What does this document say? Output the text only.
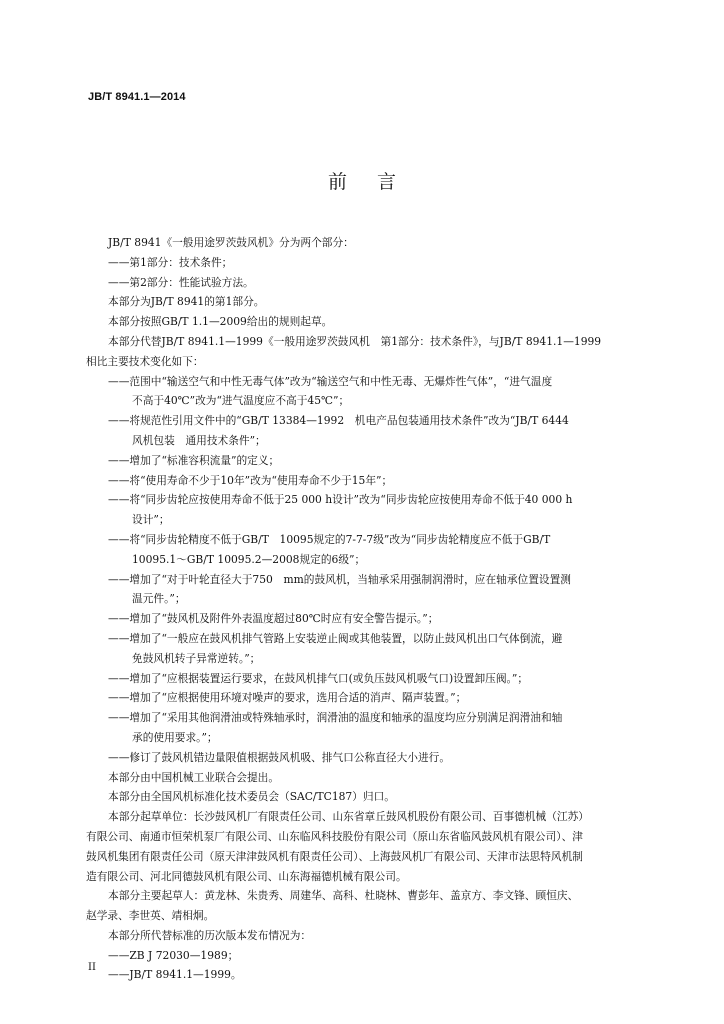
JB/T 8941.1—2014
前言

JB/T 8941《一般用途罗茨鼓风机》分为两个部分：

——第1部分：技术条件；

——第2部分：性能试验方法。

本部分为JB/T 8941的第1部分。

本部分按照GB/T 1.1—2009给出的规则起草。

本部分代替JB/T 8941.1—1999《一般用途罗茨鼓风机　第1部分：技术条件》，与JB/T 8941.1—1999

相比主要技术变化如下：

——范围中“输送空气和中性无毒气体”改为“输送空气和中性无毒、无爆炸性气体”，“进气温度

不高于40℃”改为“进气温度应不高于45℃”；

——将规范性引用文件中的“GB/T 13384—1992　机电产品包装通用技术条件”改为“JB/T 6444

风机包装　通用技术条件”；

——增加了“标准容积流量”的定义；

——将“使用寿命不少于10年”改为“使用寿命不少于15年”；

——将“同步齿轮应按使用寿命不低于25 000 h设计”改为“同步齿轮应按使用寿命不低于40 000 h

设计”；

——将“同步齿轮精度不低于GB/T　10095规定的7-7-7级”改为“同步齿轮精度应不低于GB/T

10095.1～GB/T 10095.2—2008规定的6级”；

——增加了“对于叶轮直径大于750　mm的鼓风机，当轴承采用强制润滑时，应在轴承位置设置测

温元件。”；

——增加了“鼓风机及附件外表温度超过80℃时应有安全警告提示。”；

——增加了“一般应在鼓风机排气管路上安装逆止阀或其他装置，以防止鼓风机出口气体倒流，避

免鼓风机转子异常逆转。”；

——增加了“应根据装置运行要求，在鼓风机排气口(或负压鼓风机吸气口)设置卸压阀。”；

——增加了“应根据使用环境对噪声的要求，选用合适的消声、隔声装置。”；

——增加了“采用其他润滑油或特殊轴承时，润滑油的温度和轴承的温度均应分别满足润滑油和轴

承的使用要求。”；

——修订了鼓风机错边量限值根据鼓风机吸、排气口公称直径大小进行。

本部分由中国机械工业联合会提出。

本部分由全国风机标准化技术委员会（SAC/TC187）归口。

本部分起草单位：长沙鼓风机厂有限责任公司、山东省章丘鼓风机股份有限公司、百事德机械（江苏）

有限公司、南通市恒荣机泵厂有限公司、山东临风科技股份有限公司（原山东省临风鼓风机有限公司）、津

鼓风机集团有限责任公司（原天津津鼓风机有限责任公司）、上海鼓风机厂有限公司、天津市法思特风机制

造有限公司、河北同德鼓风机有限公司、山东海福德机械有限公司。

本部分主要起草人：黄龙林、朱贵秀、周建华、高科、杜晓林、曹彭年、盖京方、李文锋、顾恒庆、

赵学录、李世英、靖相炯。

本部分所代替标准的历次版本发布情况为：

——ZB J 72030—1989；

——JB/T 8941.1—1999。

II
